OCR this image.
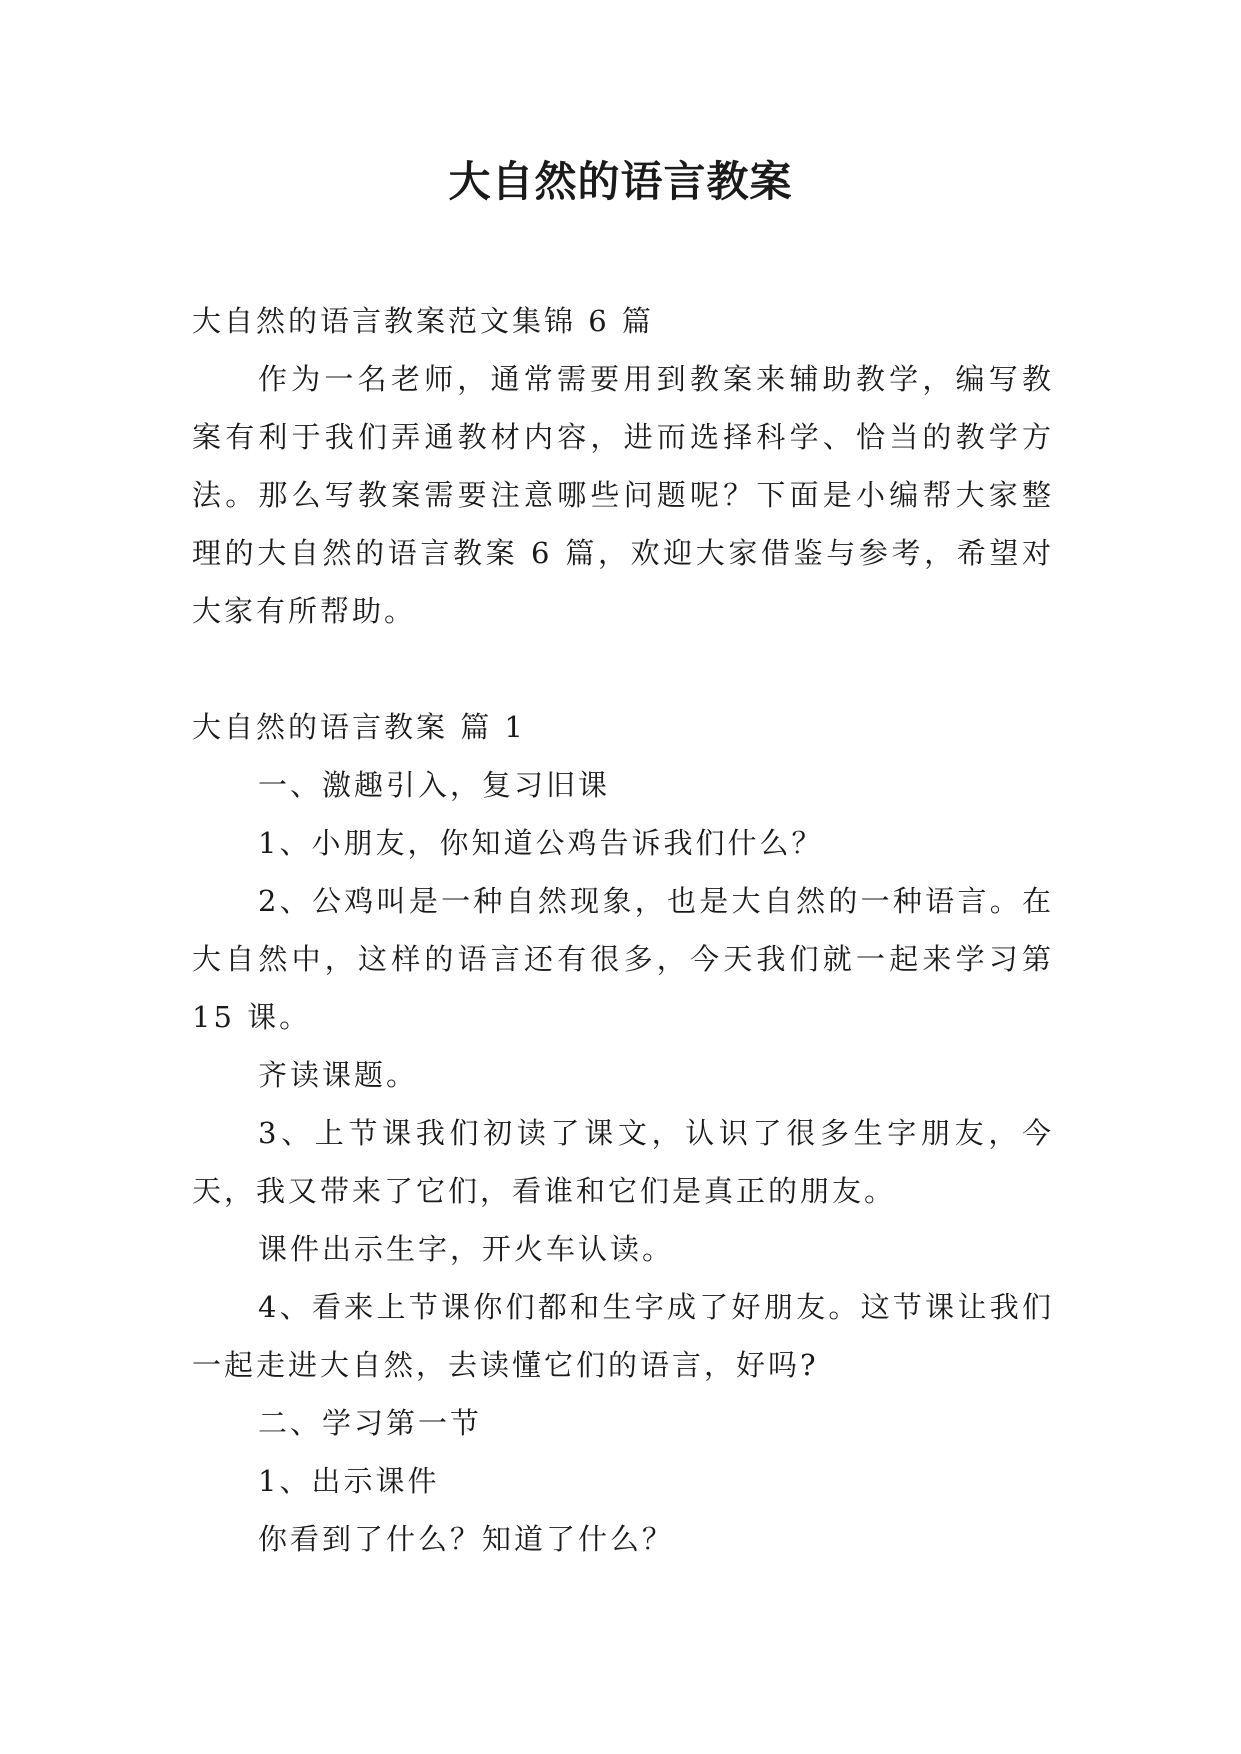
大自然的语言教案

大自然的语言教案范文集锦 6 篇

作为一名老师，通常需要用到教案来辅助教学，编写教案有利于我们弄通教材内容，进而选择科学、恰当的教学方法。那么写教案需要注意哪些问题呢？下面是小编帮大家整理的大自然的语言教案 6 篇，欢迎大家借鉴与参考，希望对大家有所帮助。

大自然的语言教案 篇 1

一、激趣引入，复习旧课

1、小朋友，你知道公鸡告诉我们什么？

2、公鸡叫是一种自然现象，也是大自然的一种语言。在大自然中，这样的语言还有很多，今天我们就一起来学习第 15 课。

齐读课题。

3、上节课我们初读了课文，认识了很多生字朋友，今天，我又带来了它们，看谁和它们是真正的朋友。

课件出示生字，开火车认读。

4、看来上节课你们都和生字成了好朋友。这节课让我们一起走进大自然，去读懂它们的语言，好吗?

二、学习第一节

1、出示课件

你看到了什么？知道了什么？
